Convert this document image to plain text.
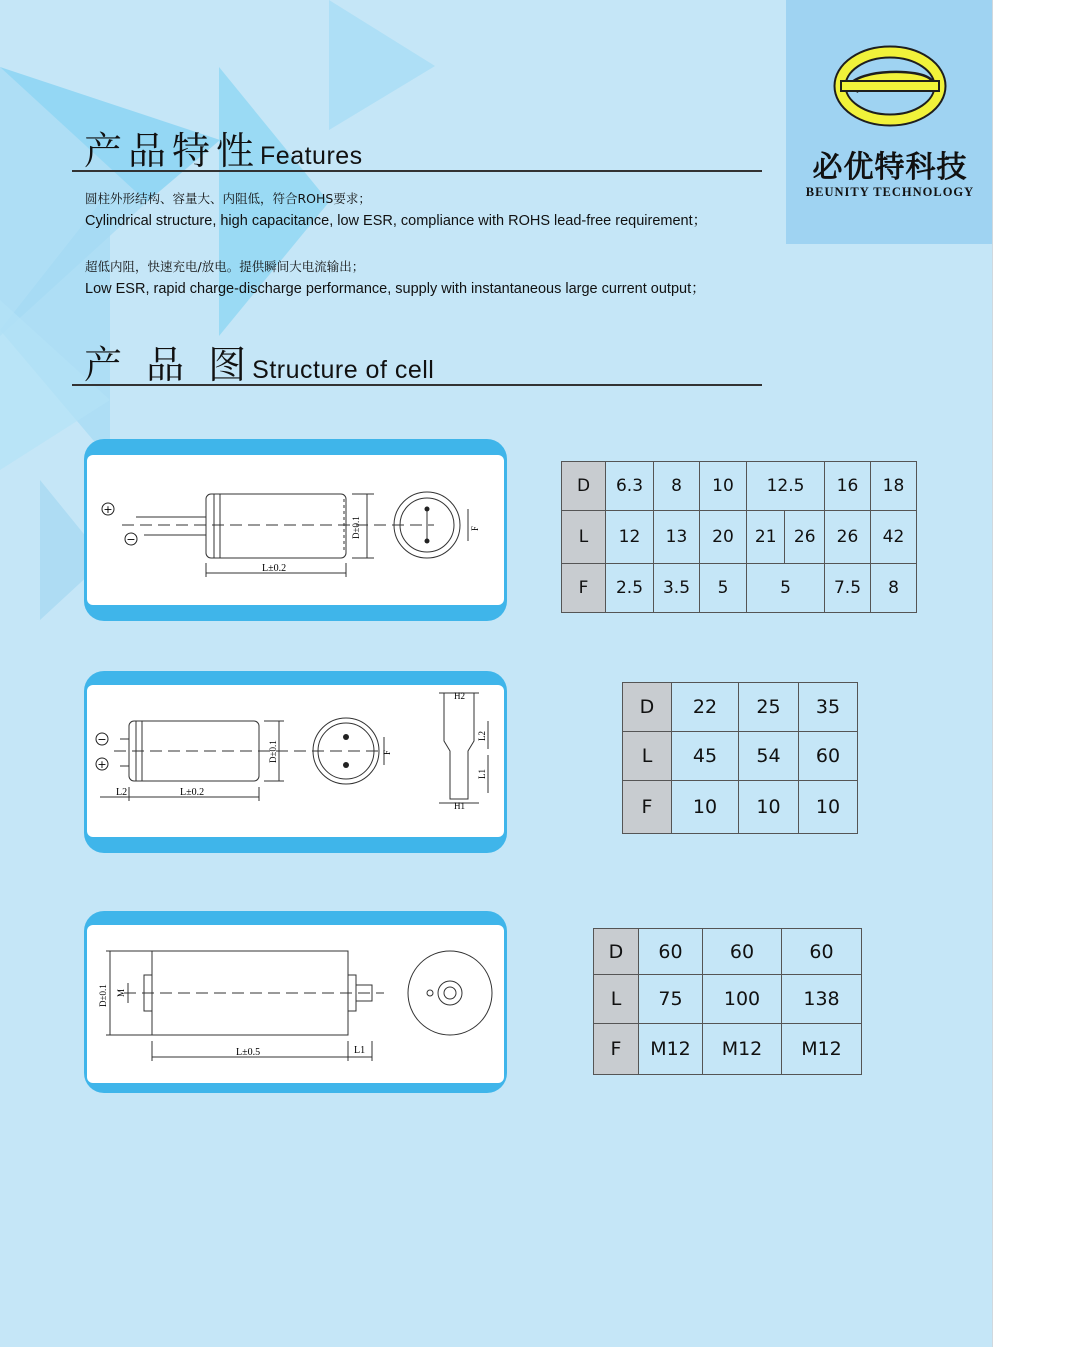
必优特科技
BEUNITY TECHNOLOGY
产品特性Features
圆柱外形结构、容量大、内阻低，符合ROHS要求；
Cylindrical structure, high capacitance, low ESR, compliance with ROHS lead-free requirement；
超低内阻，快速充电/放电。提供瞬间大电流输出；
Low ESR, rapid charge-discharge performance, supply with instantaneous large current output；
产 品 图Structure of cell
+
−
L±0.2
D±0.1	F
−
+
L2	L±0.2
D±0.1	F
H2
H1
L2
L1
L±0.5	L1
D±0.1 M
D	6.3	8	10	12.5		16	18
L	12	13	20	21	26	26	42
F	2.5	3.5	5	5		7.5	8
D	22	25	35
L	45	54	60
F	10	10	10
D	60	60	60
L	75	100	138
F	M12	M12	M12
